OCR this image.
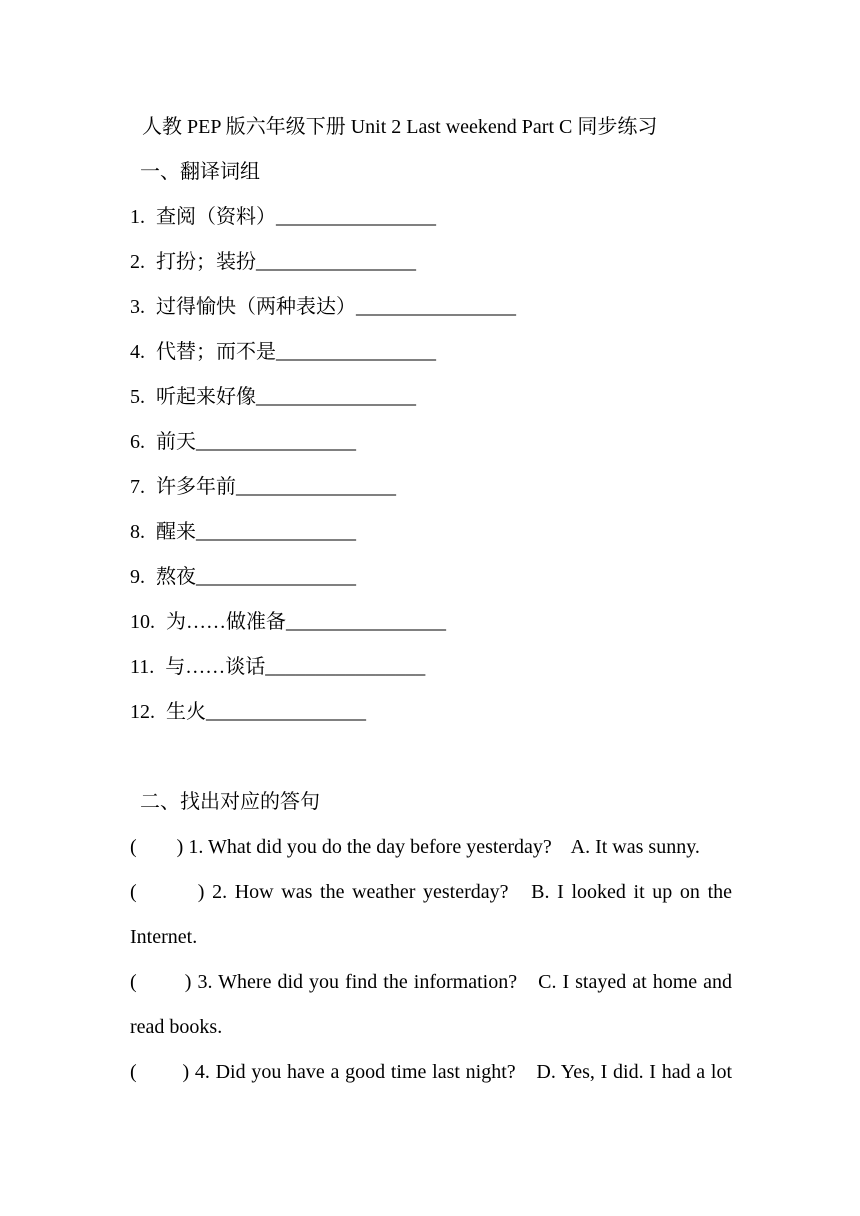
人教 PEP 版六年级下册 Unit 2 Last weekend Part C 同步练习
一、翻译词组
1. 查阅（资料）________________
2. 打扮；装扮________________
3. 过得愉快（两种表达）________________
4. 代替；而不是________________
5. 听起来好像________________
6. 前天________________
7. 许多年前________________
8. 醒来________________
9. 熬夜________________
10. 为……做准备________________
11. 与……谈话________________
12. 生火________________
二、找出对应的答句
(        ) 1. What did you do the day before yesterday? A. It was sunny.
(        ) 2. How was the weather yesterday? B. I looked it up on the
Internet.
(        ) 3. Where did you find the information? C. I stayed at home and
read books.
(        ) 4. Did you have a good time last night? D. Yes, I did. I had a lot
